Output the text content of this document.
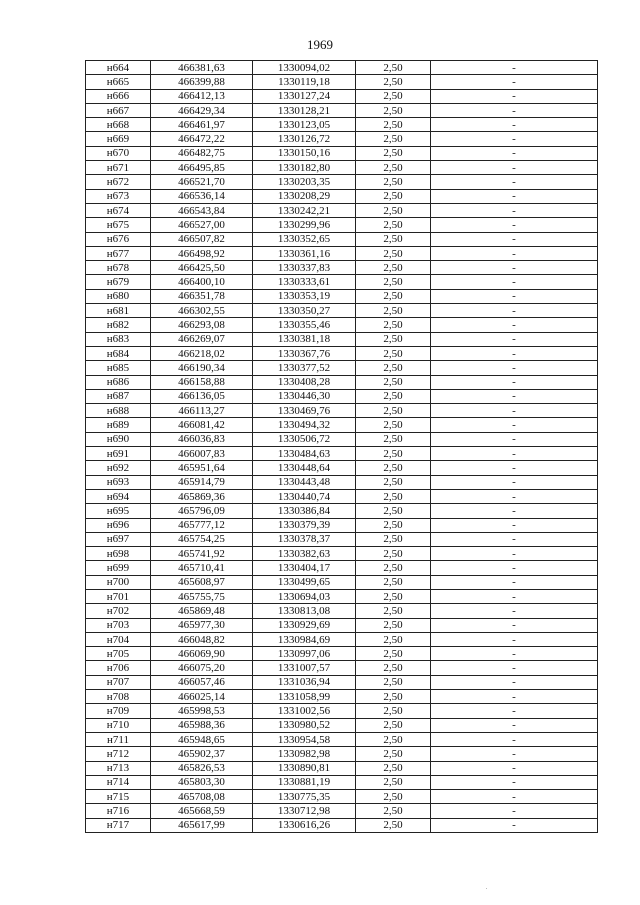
1969
н664	466381,63	1330094,02	2,50	-
н665	466399,88	1330119,18	2,50	-
н666	466412,13	1330127,24	2,50	-
н667	466429,34	1330128,21	2,50	-
н668	466461,97	1330123,05	2,50	-
н669	466472,22	1330126,72	2,50	-
н670	466482,75	1330150,16	2,50	-
н671	466495,85	1330182,80	2,50	-
н672	466521,70	1330203,35	2,50	-
н673	466536,14	1330208,29	2,50	-
н674	466543,84	1330242,21	2,50	-
н675	466527,00	1330299,96	2,50	-
н676	466507,82	1330352,65	2,50	-
н677	466498,92	1330361,16	2,50	-
н678	466425,50	1330337,83	2,50	-
н679	466400,10	1330333,61	2,50	-
н680	466351,78	1330353,19	2,50	-
н681	466302,55	1330350,27	2,50	-
н682	466293,08	1330355,46	2,50	-
н683	466269,07	1330381,18	2,50	-
н684	466218,02	1330367,76	2,50	-
н685	466190,34	1330377,52	2,50	-
н686	466158,88	1330408,28	2,50	-
н687	466136,05	1330446,30	2,50	-
н688	466113,27	1330469,76	2,50	-
н689	466081,42	1330494,32	2,50	-
н690	466036,83	1330506,72	2,50	-
н691	466007,83	1330484,63	2,50	-
н692	465951,64	1330448,64	2,50	-
н693	465914,79	1330443,48	2,50	-
н694	465869,36	1330440,74	2,50	-
н695	465796,09	1330386,84	2,50	-
н696	465777,12	1330379,39	2,50	-
н697	465754,25	1330378,37	2,50	-
н698	465741,92	1330382,63	2,50	-
н699	465710,41	1330404,17	2,50	-
н700	465608,97	1330499,65	2,50	-
н701	465755,75	1330694,03	2,50	-
н702	465869,48	1330813,08	2,50	-
н703	465977,30	1330929,69	2,50	-
н704	466048,82	1330984,69	2,50	-
н705	466069,90	1330997,06	2,50	-
н706	466075,20	1331007,57	2,50	-
н707	466057,46	1331036,94	2,50	-
н708	466025,14	1331058,99	2,50	-
н709	465998,53	1331002,56	2,50	-
н710	465988,36	1330980,52	2,50	-
н711	465948,65	1330954,58	2,50	-
н712	465902,37	1330982,98	2,50	-
н713	465826,53	1330890,81	2,50	-
н714	465803,30	1330881,19	2,50	-
н715	465708,08	1330775,35	2,50	-
н716	465668,59	1330712,98	2,50	-
н717	465617,99	1330616,26	2,50	-
